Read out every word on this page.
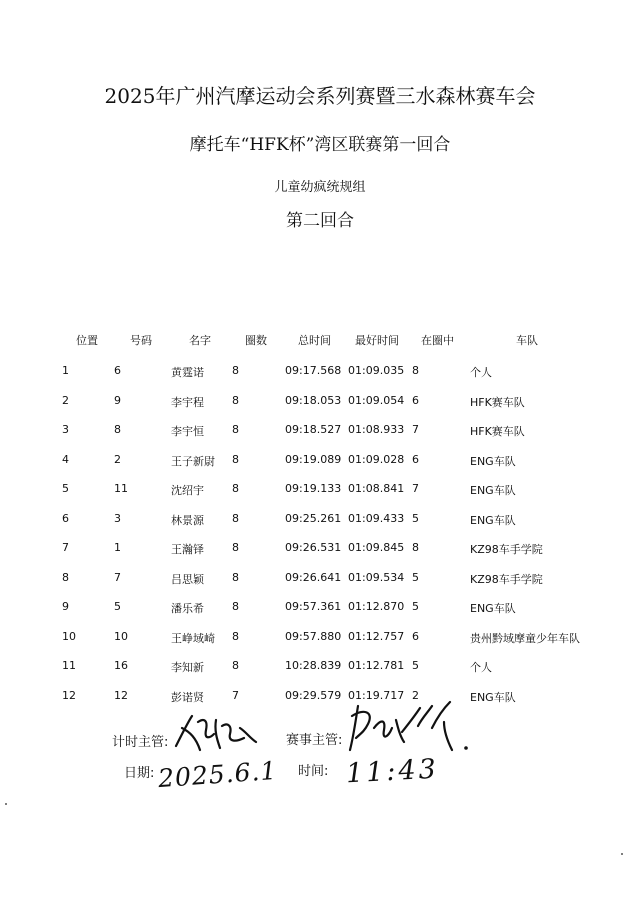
2025年广州汽摩运动会系列赛暨三水森林赛车会
摩托车“HFK杯”湾区联赛第一回合
儿童幼疯统规组
第二回合
位置	号码	名字	圈数	总时间 最好时间 在圈中	车队
1	6	黄霆诺	8	09:17.568 01:09.035 8	个人
2	9	李宇程	8	09:18.053 01:09.054 6	HFK赛车队
3	8	李宇恒	8	09:18.527 01:08.933 7	HFK赛车队
4	2	王子新尉 8	09:19.089 01:09.028 6	ENG车队
5	11	沈绍宇	8	09:19.133 01:08.841 7	ENG车队
6	3	林景源	8	09:25.261 01:09.433 5	ENG车队
7	1	王瀚铎	8	09:26.531 01:09.845 8	KZ98车手学院
8	7	吕思颖	8	09:26.641 01:09.534 5	KZ98车手学院
9	5	潘乐希	8	09:57.361 01:12.870 5	ENG车队
10	10	王峥域崎 8	09:57.880 01:12.757 6	贵州黔域摩童少年车队
11	16	李知新	8	10:28.839 01:12.781 5	个人
12	12	彭诺贤	7	09:29.579 01:19.717 2	ENG车队
计时主管:	赛事主管:
日期: 2025.6.1 时间: 11:43
